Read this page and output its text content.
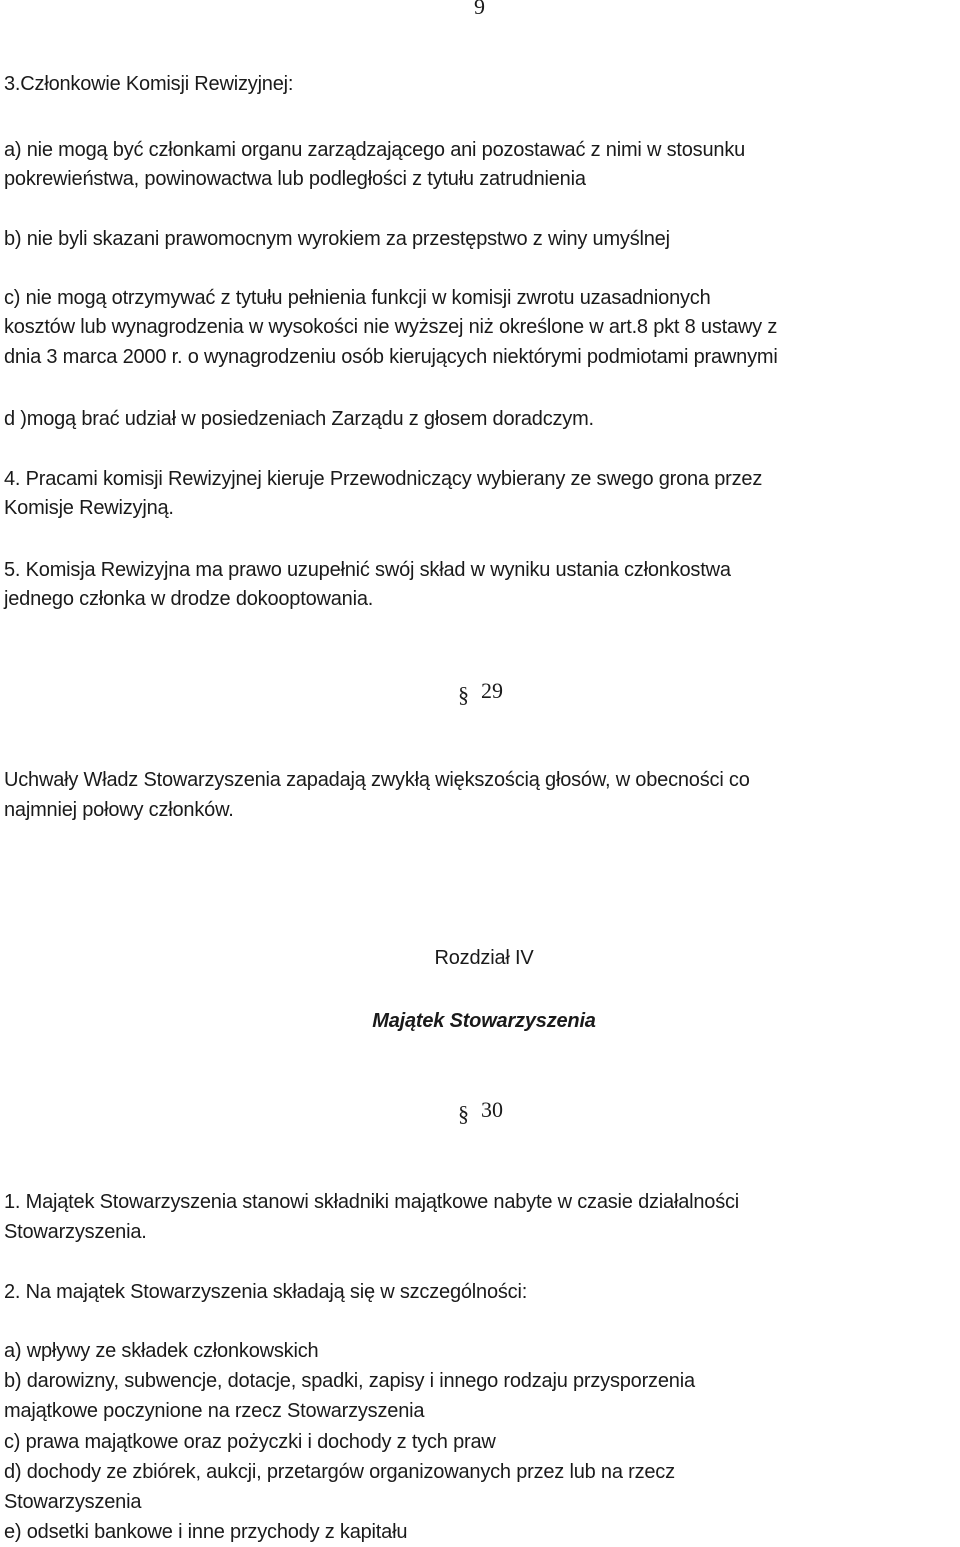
9

3.Członkowie Komisji Rewizyjnej:

a) nie mogą być członkami organu zarządzającego ani pozostawać z nimi w stosunku

pokrewieństwa, powinowactwa lub podległości z tytułu zatrudnienia

b) nie byli skazani prawomocnym wyrokiem za przestępstwo z winy umyślnej

c) nie mogą otrzymywać z tytułu pełnienia funkcji w komisji zwrotu uzasadnionych

kosztów lub wynagrodzenia w wysokości nie wyższej niż określone w art.8 pkt 8 ustawy z

dnia 3 marca 2000 r. o wynagrodzeniu osób kierujących niektórymi podmiotami prawnymi

d )mogą brać udział w posiedzeniach Zarządu z głosem doradczym.

4. Pracami komisji Rewizyjnej kieruje Przewodniczący wybierany ze swego grona przez

Komisje Rewizyjną.

5. Komisja Rewizyjna ma prawo uzupełnić swój skład w wyniku ustania członkostwa

jednego członka w drodze dokooptowania.

§ 29

Uchwały Władz Stowarzyszenia zapadają zwykłą większością głosów, w obecności co

najmniej połowy członków.

Rozdział IV

Majątek Stowarzyszenia

§ 30

1. Majątek Stowarzyszenia stanowi składniki majątkowe nabyte w czasie działalności

Stowarzyszenia.

2. Na majątek Stowarzyszenia składają się w szczególności:

a) wpływy ze składek członkowskich

b) darowizny, subwencje, dotacje, spadki, zapisy i innego rodzaju przysporzenia

majątkowe poczynione na rzecz Stowarzyszenia

c) prawa majątkowe oraz pożyczki i dochody z tych praw

d) dochody ze zbiórek, aukcji, przetargów organizowanych przez lub na rzecz

Stowarzyszenia

e) odsetki bankowe i inne przychody z kapitału
